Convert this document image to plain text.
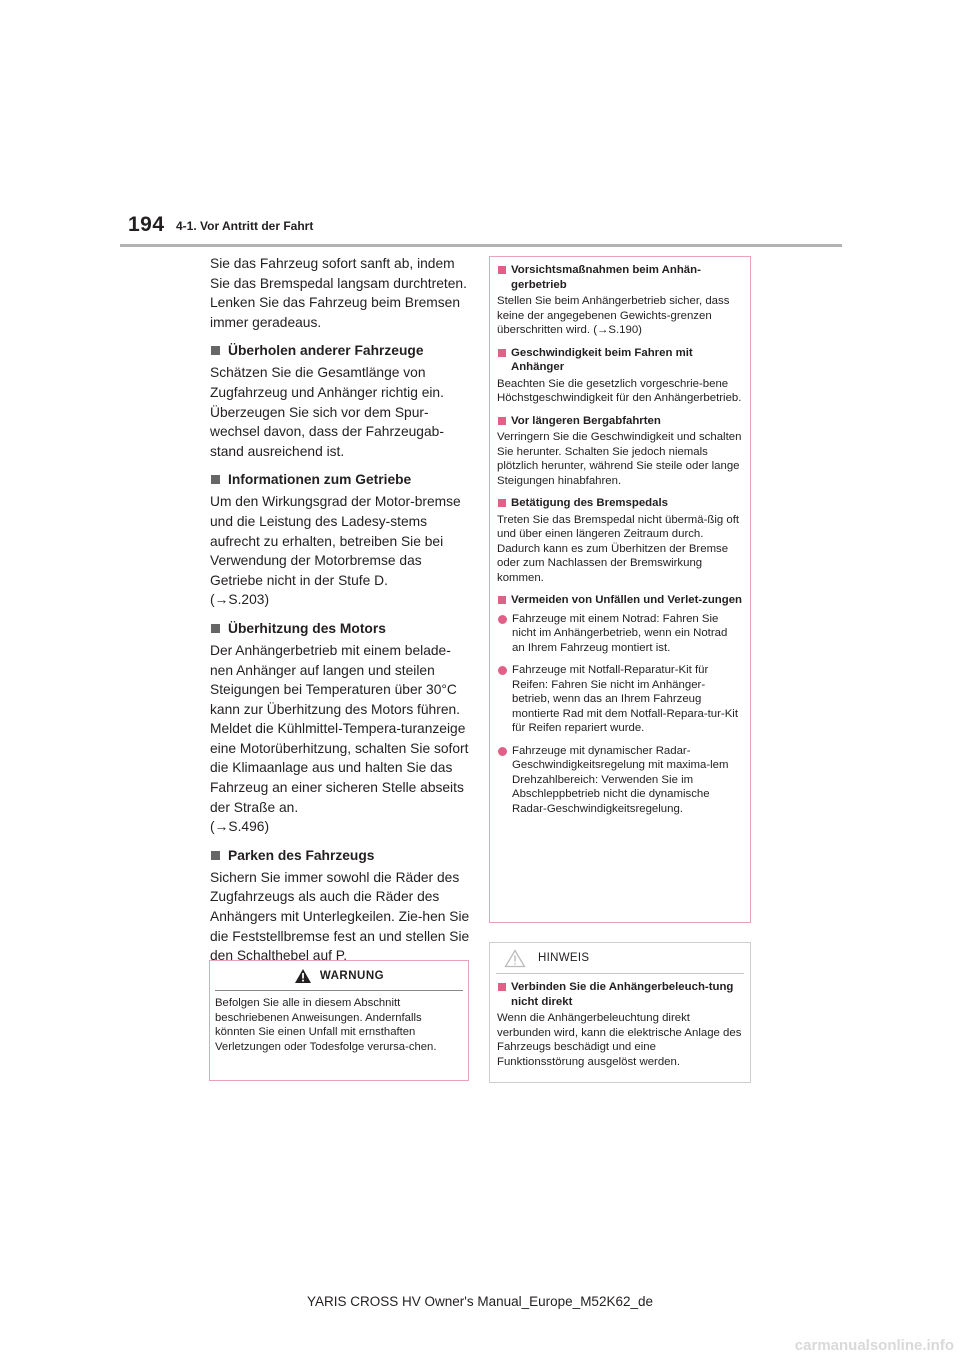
194 4-1. Vor Antritt der Fahrt

Sie das Fahrzeug sofort sanft ab, indem Sie das Bremspedal langsam durchtreten. Lenken Sie das Fahrzeug beim Bremsen immer geradeaus.

Überholen anderer Fahrzeuge

Schätzen Sie die Gesamtlänge von Zugfahrzeug und Anhänger richtig ein. Überzeugen Sie sich vor dem Spur-wechsel davon, dass der Fahrzeugab-stand ausreichend ist.

Informationen zum Getriebe

Um den Wirkungsgrad der Motor-bremse und die Leistung des Ladesy-stems aufrecht zu erhalten, betreiben Sie bei Verwendung der Motorbremse das Getriebe nicht in der Stufe D.
(→S.203)

Überhitzung des Motors

Der Anhängerbetrieb mit einem belade-nen Anhänger auf langen und steilen Steigungen bei Temperaturen über 30°C kann zur Überhitzung des Motors führen. Meldet die Kühlmittel-Tempera-turanzeige eine Motorüberhitzung, schalten Sie sofort die Klimaanlage aus und halten Sie das Fahrzeug an einer sicheren Stelle abseits der Straße an.
(→S.496)

Parken des Fahrzeugs

Sichern Sie immer sowohl die Räder des Zugfahrzeugs als auch die Räder des Anhängers mit Unterlegkeilen. Zie-hen Sie die Feststellbremse fest an und stellen Sie den Schalthebel auf P.

WARNUNG
Befolgen Sie alle in diesem Abschnitt beschriebenen Anweisungen. Andernfalls könnten Sie einen Unfall mit ernsthaften Verletzungen oder Todesfolge verursa-chen.
Vorsichtsmaßnahmen beim Anhän-gerbetrieb
Stellen Sie beim Anhängerbetrieb sicher, dass keine der angegebenen Gewichts-grenzen überschritten wird. (→S.190)
Geschwindigkeit beim Fahren mit Anhänger
Beachten Sie die gesetzlich vorgeschrie-bene Höchstgeschwindigkeit für den Anhängerbetrieb.
Vor längeren Bergabfahrten
Verringern Sie die Geschwindigkeit und schalten Sie herunter. Schalten Sie jedoch niemals plötzlich herunter, während Sie steile oder lange Steigungen hinabfahren.
Betätigung des Bremspedals
Treten Sie das Bremspedal nicht übermä-ßig oft und über einen längeren Zeitraum durch. Dadurch kann es zum Überhitzen der Bremse oder zum Nachlassen der Bremswirkung kommen.
Vermeiden von Unfällen und Verlet-zungen
Fahrzeuge mit einem Notrad: Fahren Sie nicht im Anhängerbetrieb, wenn ein Notrad an Ihrem Fahrzeug montiert ist.
Fahrzeuge mit Notfall-Reparatur-Kit für Reifen: Fahren Sie nicht im Anhänger-betrieb, wenn das an Ihrem Fahrzeug montierte Rad mit dem Notfall-Repara-tur-Kit für Reifen repariert wurde.
Fahrzeuge mit dynamischer Radar-Geschwindigkeitsregelung mit maxima-lem Drehzahlbereich: Verwenden Sie im Abschleppbetrieb nicht die dynamische Radar-Geschwindigkeitsregelung.
HINWEIS
Verbinden Sie die Anhängerbeleuch-tung nicht direkt
Wenn die Anhängerbeleuchtung direkt verbunden wird, kann die elektrische Anlage des Fahrzeugs beschädigt und eine Funktionsstörung ausgelöst werden.
YARIS CROSS HV Owner's Manual_Europe_M52K62_de
carmanualsonline.info
